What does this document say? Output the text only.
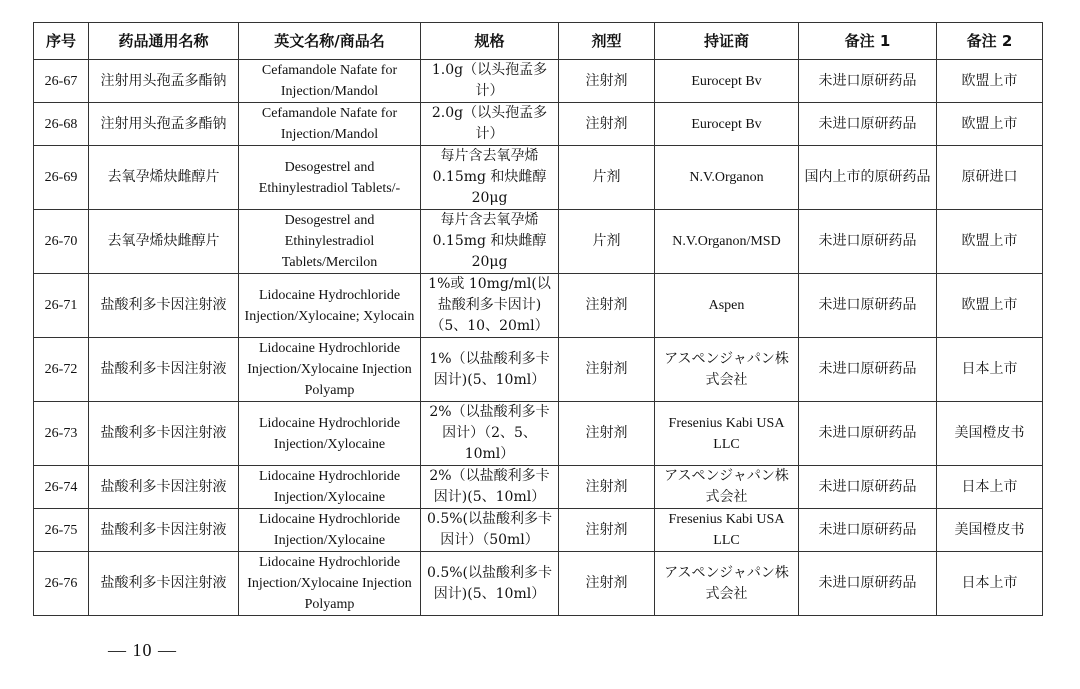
序号	药品通用名称	英文名称/商品名	规格	剂型	持证商	备注 1	备注 2
26-67	注射用头孢孟多酯钠	Cefamandole Nafate for Injection/Mandol	1.0g（以头孢孟多计）	注射剂	Eurocept Bv	未进口原研药品	欧盟上市
26-68	注射用头孢孟多酯钠	Cefamandole Nafate for Injection/Mandol	2.0g（以头孢孟多计）	注射剂	Eurocept Bv	未进口原研药品	欧盟上市
26-69	去氧孕烯炔雌醇片	Desogestrel and Ethinylestradiol Tablets/-	每片含去氧孕烯0.15mg 和炔雌醇20μg	片剂	N.V.Organon	国内上市的原研药品	原研进口
26-70	去氧孕烯炔雌醇片	Desogestrel and Ethinylestradiol Tablets/Mercilon	每片含去氧孕烯0.15mg 和炔雌醇20μg	片剂	N.V.Organon/MSD	未进口原研药品	欧盟上市
26-71	盐酸利多卡因注射液	Lidocaine Hydrochloride Injection/Xylocaine; Xylocain	1%或 10mg/ml(以盐酸利多卡因计)（5、10、20ml）	注射剂	Aspen	未进口原研药品	欧盟上市
26-72	盐酸利多卡因注射液	Lidocaine Hydrochloride Injection/Xylocaine Injection Polyamp	1%（以盐酸利多卡因计)(5、10ml）	注射剂	アスペンジャパン株式会社	未进口原研药品	日本上市
26-73	盐酸利多卡因注射液	Lidocaine Hydrochloride Injection/Xylocaine	2%（以盐酸利多卡因计）（2、5、10ml）	注射剂	Fresenius Kabi USA LLC	未进口原研药品	美国橙皮书
26-74	盐酸利多卡因注射液	Lidocaine Hydrochloride Injection/Xylocaine	2%（以盐酸利多卡因计)(5、10ml）	注射剂	アスペンジャパン株式会社	未进口原研药品	日本上市
26-75	盐酸利多卡因注射液	Lidocaine Hydrochloride Injection/Xylocaine	0.5%(以盐酸利多卡因计）（50ml）	注射剂	Fresenius Kabi USA LLC	未进口原研药品	美国橙皮书
26-76	盐酸利多卡因注射液	Lidocaine Hydrochloride Injection/Xylocaine Injection Polyamp	0.5%(以盐酸利多卡因计)(5、10ml）	注射剂	アスペンジャパン株式会社	未进口原研药品	日本上市
— 10 —
